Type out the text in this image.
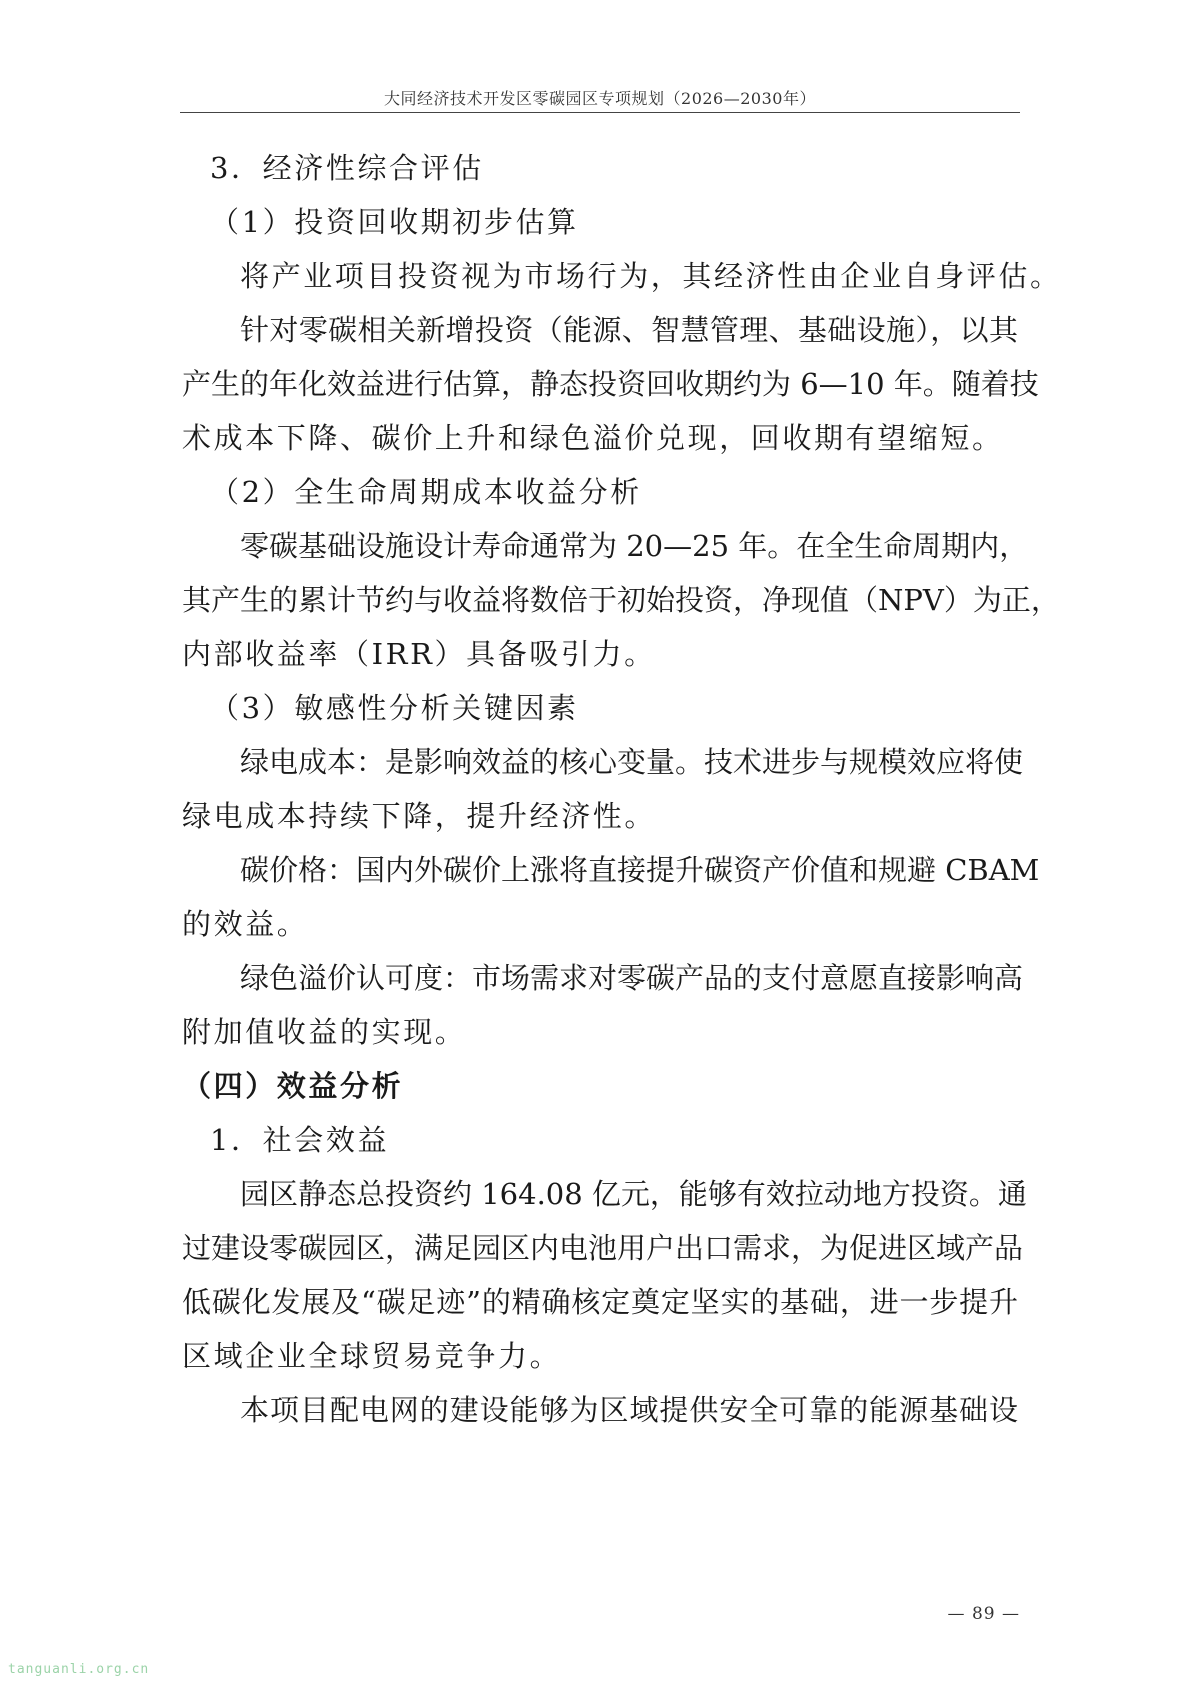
大同经济技术开发区零碳园区专项规划（2026—2030年）
3．经济性综合评估
（1）投资回收期初步估算
将产业项目投资视为市场行为，其经济性由企业自身评估。
针对零碳相关新增投资（能源、智慧管理、基础设施），以其
产生的年化效益进行估算，静态投资回收期约为 6—10 年。随着技
术成本下降、碳价上升和绿色溢价兑现，回收期有望缩短。
（2）全生命周期成本收益分析
零碳基础设施设计寿命通常为 20—25 年。在全生命周期内，
其产生的累计节约与收益将数倍于初始投资，净现值（NPV）为正，
内部收益率（IRR）具备吸引力。
（3）敏感性分析关键因素
绿电成本：是影响效益的核心变量。技术进步与规模效应将使
绿电成本持续下降，提升经济性。
碳价格：国内外碳价上涨将直接提升碳资产价值和规避 CBAM
的效益。
绿色溢价认可度：市场需求对零碳产品的支付意愿直接影响高
附加值收益的实现。
（四）效益分析
1．社会效益
园区静态总投资约 164.08 亿元，能够有效拉动地方投资。通
过建设零碳园区，满足园区内电池用户出口需求，为促进区域产品
低碳化发展及“碳足迹”的精确核定奠定坚实的基础，进一步提升
区域企业全球贸易竞争力。
本项目配电网的建设能够为区域提供安全可靠的能源基础设
— 89 —
tanguanli.org.cn
